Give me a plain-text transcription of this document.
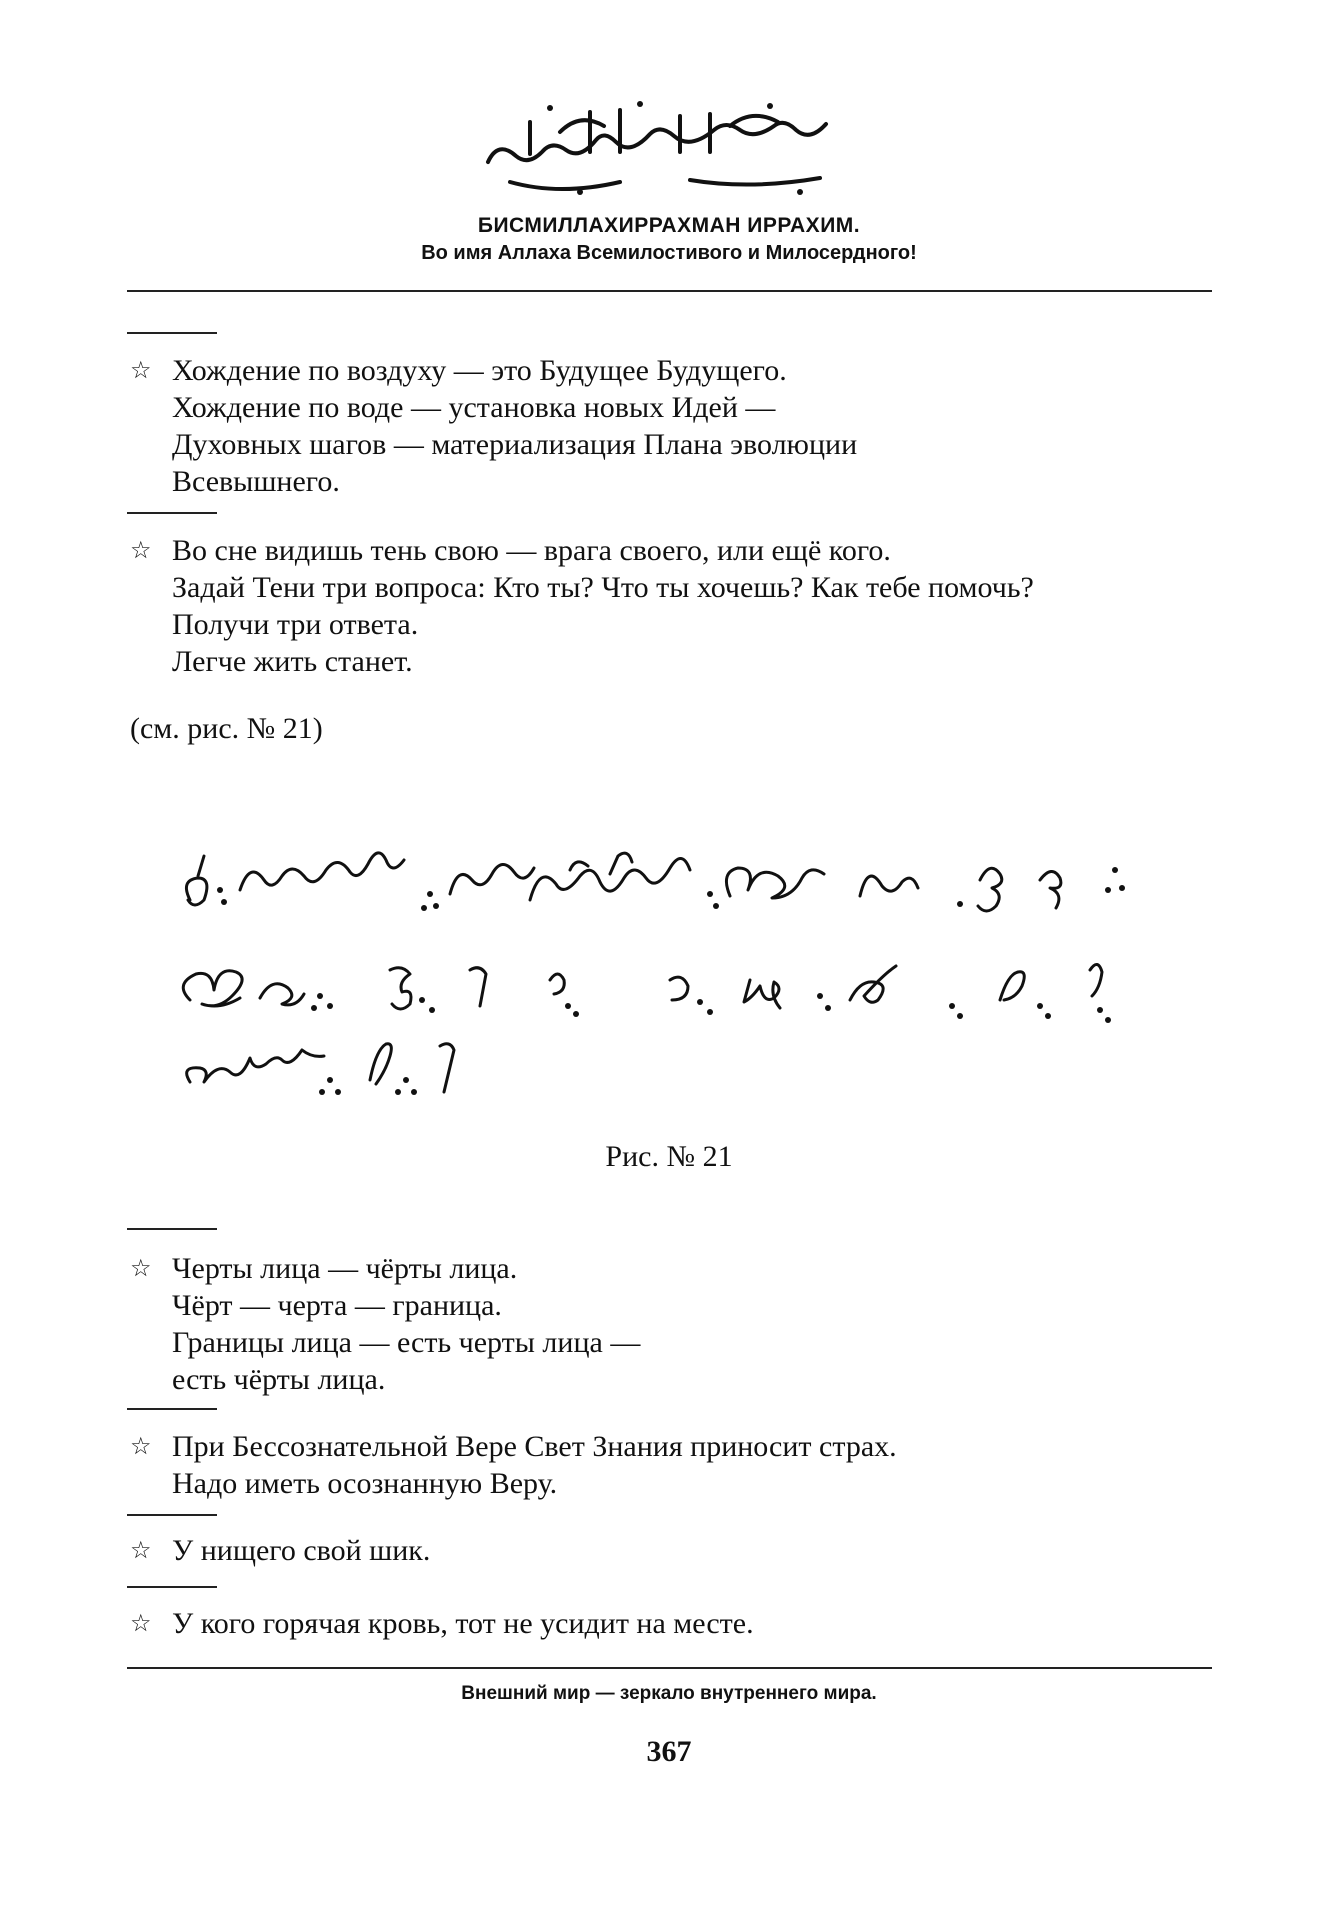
БИСМИЛЛАХИРРАХМАН ИРРАХИМ.
Во имя Аллаха Всемилостивого и Милосердного!
☆ Хождение по воздуху — это Будущее Будущего.
Хождение по воде — установка новых Идей —
Духовных шагов — материализация Плана эволюции
Всевышнего.
☆ Во сне видишь тень свою — врага своего, или ещё кого.
Задай Тени три вопроса: Кто ты? Что ты хочешь? Как тебе помочь?
Получи три ответа.
Легче жить станет.
(см. рис. № 21)
Рис. № 21
☆ Черты лица — чёрты лица.
Чёрт — черта — граница.
Границы лица — есть черты лица —
есть чёрты лица.
☆ При Бессознательной Вере Свет Знания приносит страх.
Надо иметь осознанную Веру.
☆ У нищего свой шик.
☆ У кого горячая кровь, тот не усидит на месте.
Внешний мир — зеркало внутреннего мира.
367
